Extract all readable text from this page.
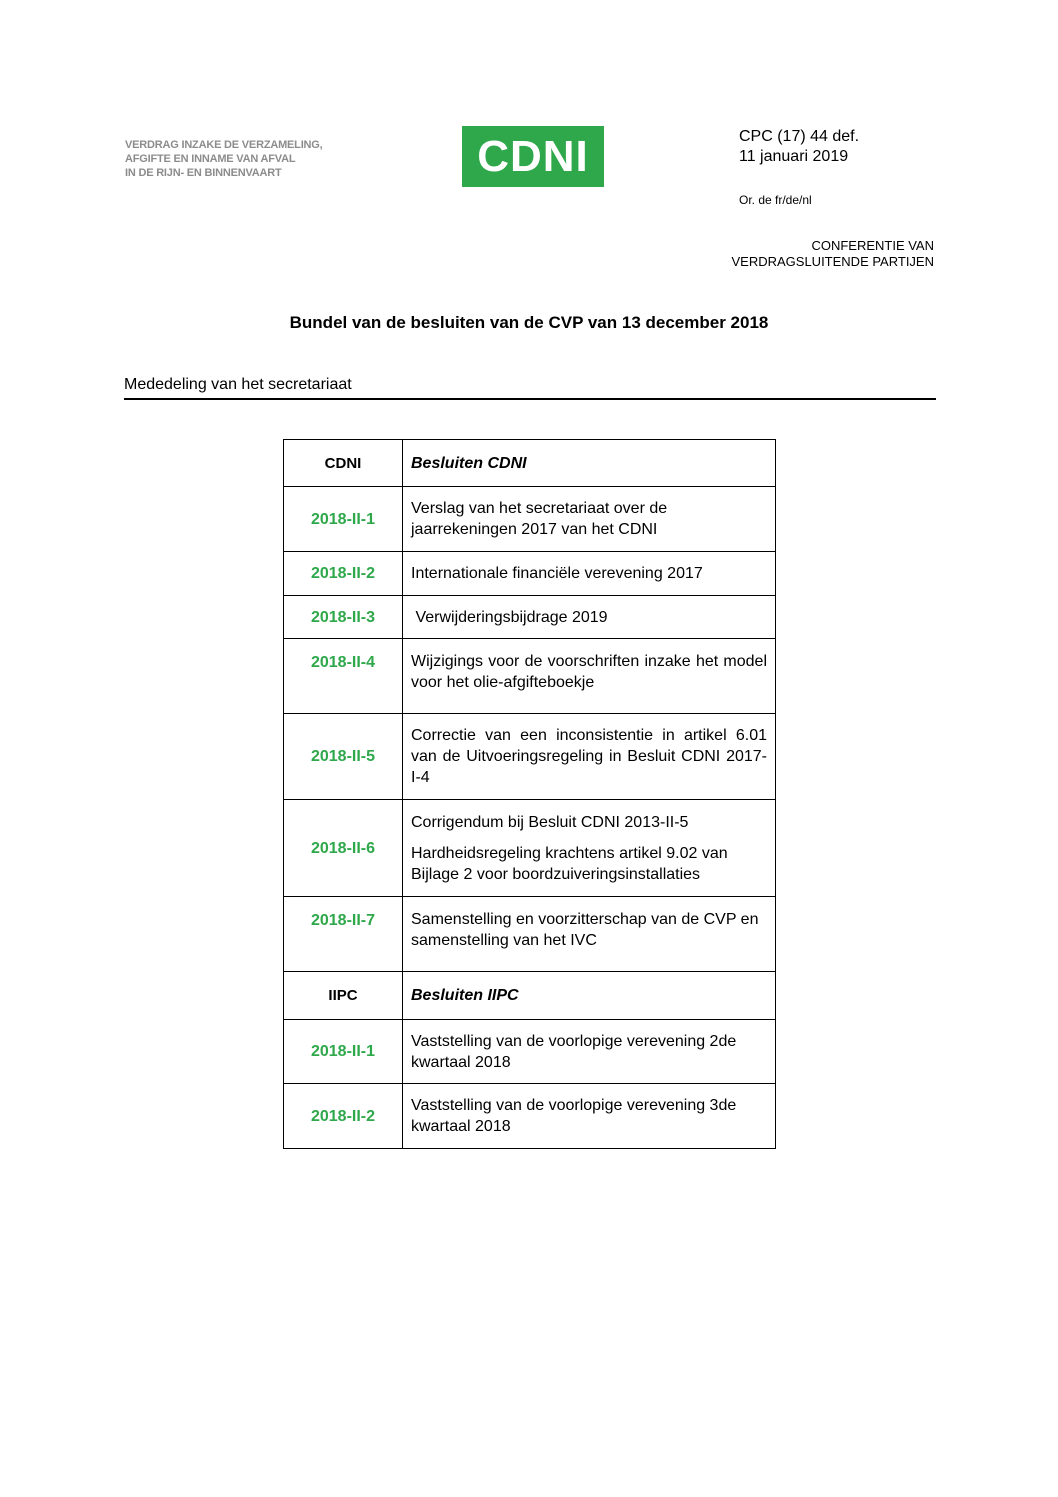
VERDRAG INZAKE DE VERZAMELING,
AFGIFTE EN INNAME VAN AFVAL
IN DE RIJN- EN BINNENVAART	CDNI	CPC (17) 44 def.
11 januari 2019
Or. de fr/de/nl
CONFERENTIE VAN
VERDRAGSLUITENDE PARTIJEN
Bundel van de besluiten van de CVP van 13 december 2018
Mededeling van het secretariaat
CDNI	Besluiten CDNI
2018-II-1	Verslag van het secretariaat over de jaarrekeningen 2017 van het CDNI
2018-II-2	Internationale financiële verevening 2017
2018-II-3	Verwijderingsbijdrage 2019
2018-II-4	Wijzigings voor de voorschriften inzake het model voor het olie-afgifteboekje
2018-II-5	Correctie van een inconsistentie in artikel 6.01 van de Uitvoeringsregeling in Besluit CDNI 2017-I-4
2018-II-6	Corrigendum bij Besluit CDNI 2013-II-5
Hardheidsregeling krachtens artikel 9.02 van Bijlage 2 voor boordzuiveringsinstallaties

2018-II-7	Samenstelling en voorzitterschap van de CVP en samenstelling van het IVC
IIPC	Besluiten IIPC
2018-II-1	Vaststelling van de voorlopige verevening 2de kwartaal 2018
2018-II-2	Vaststelling van de voorlopige verevening 3de kwartaal 2018
